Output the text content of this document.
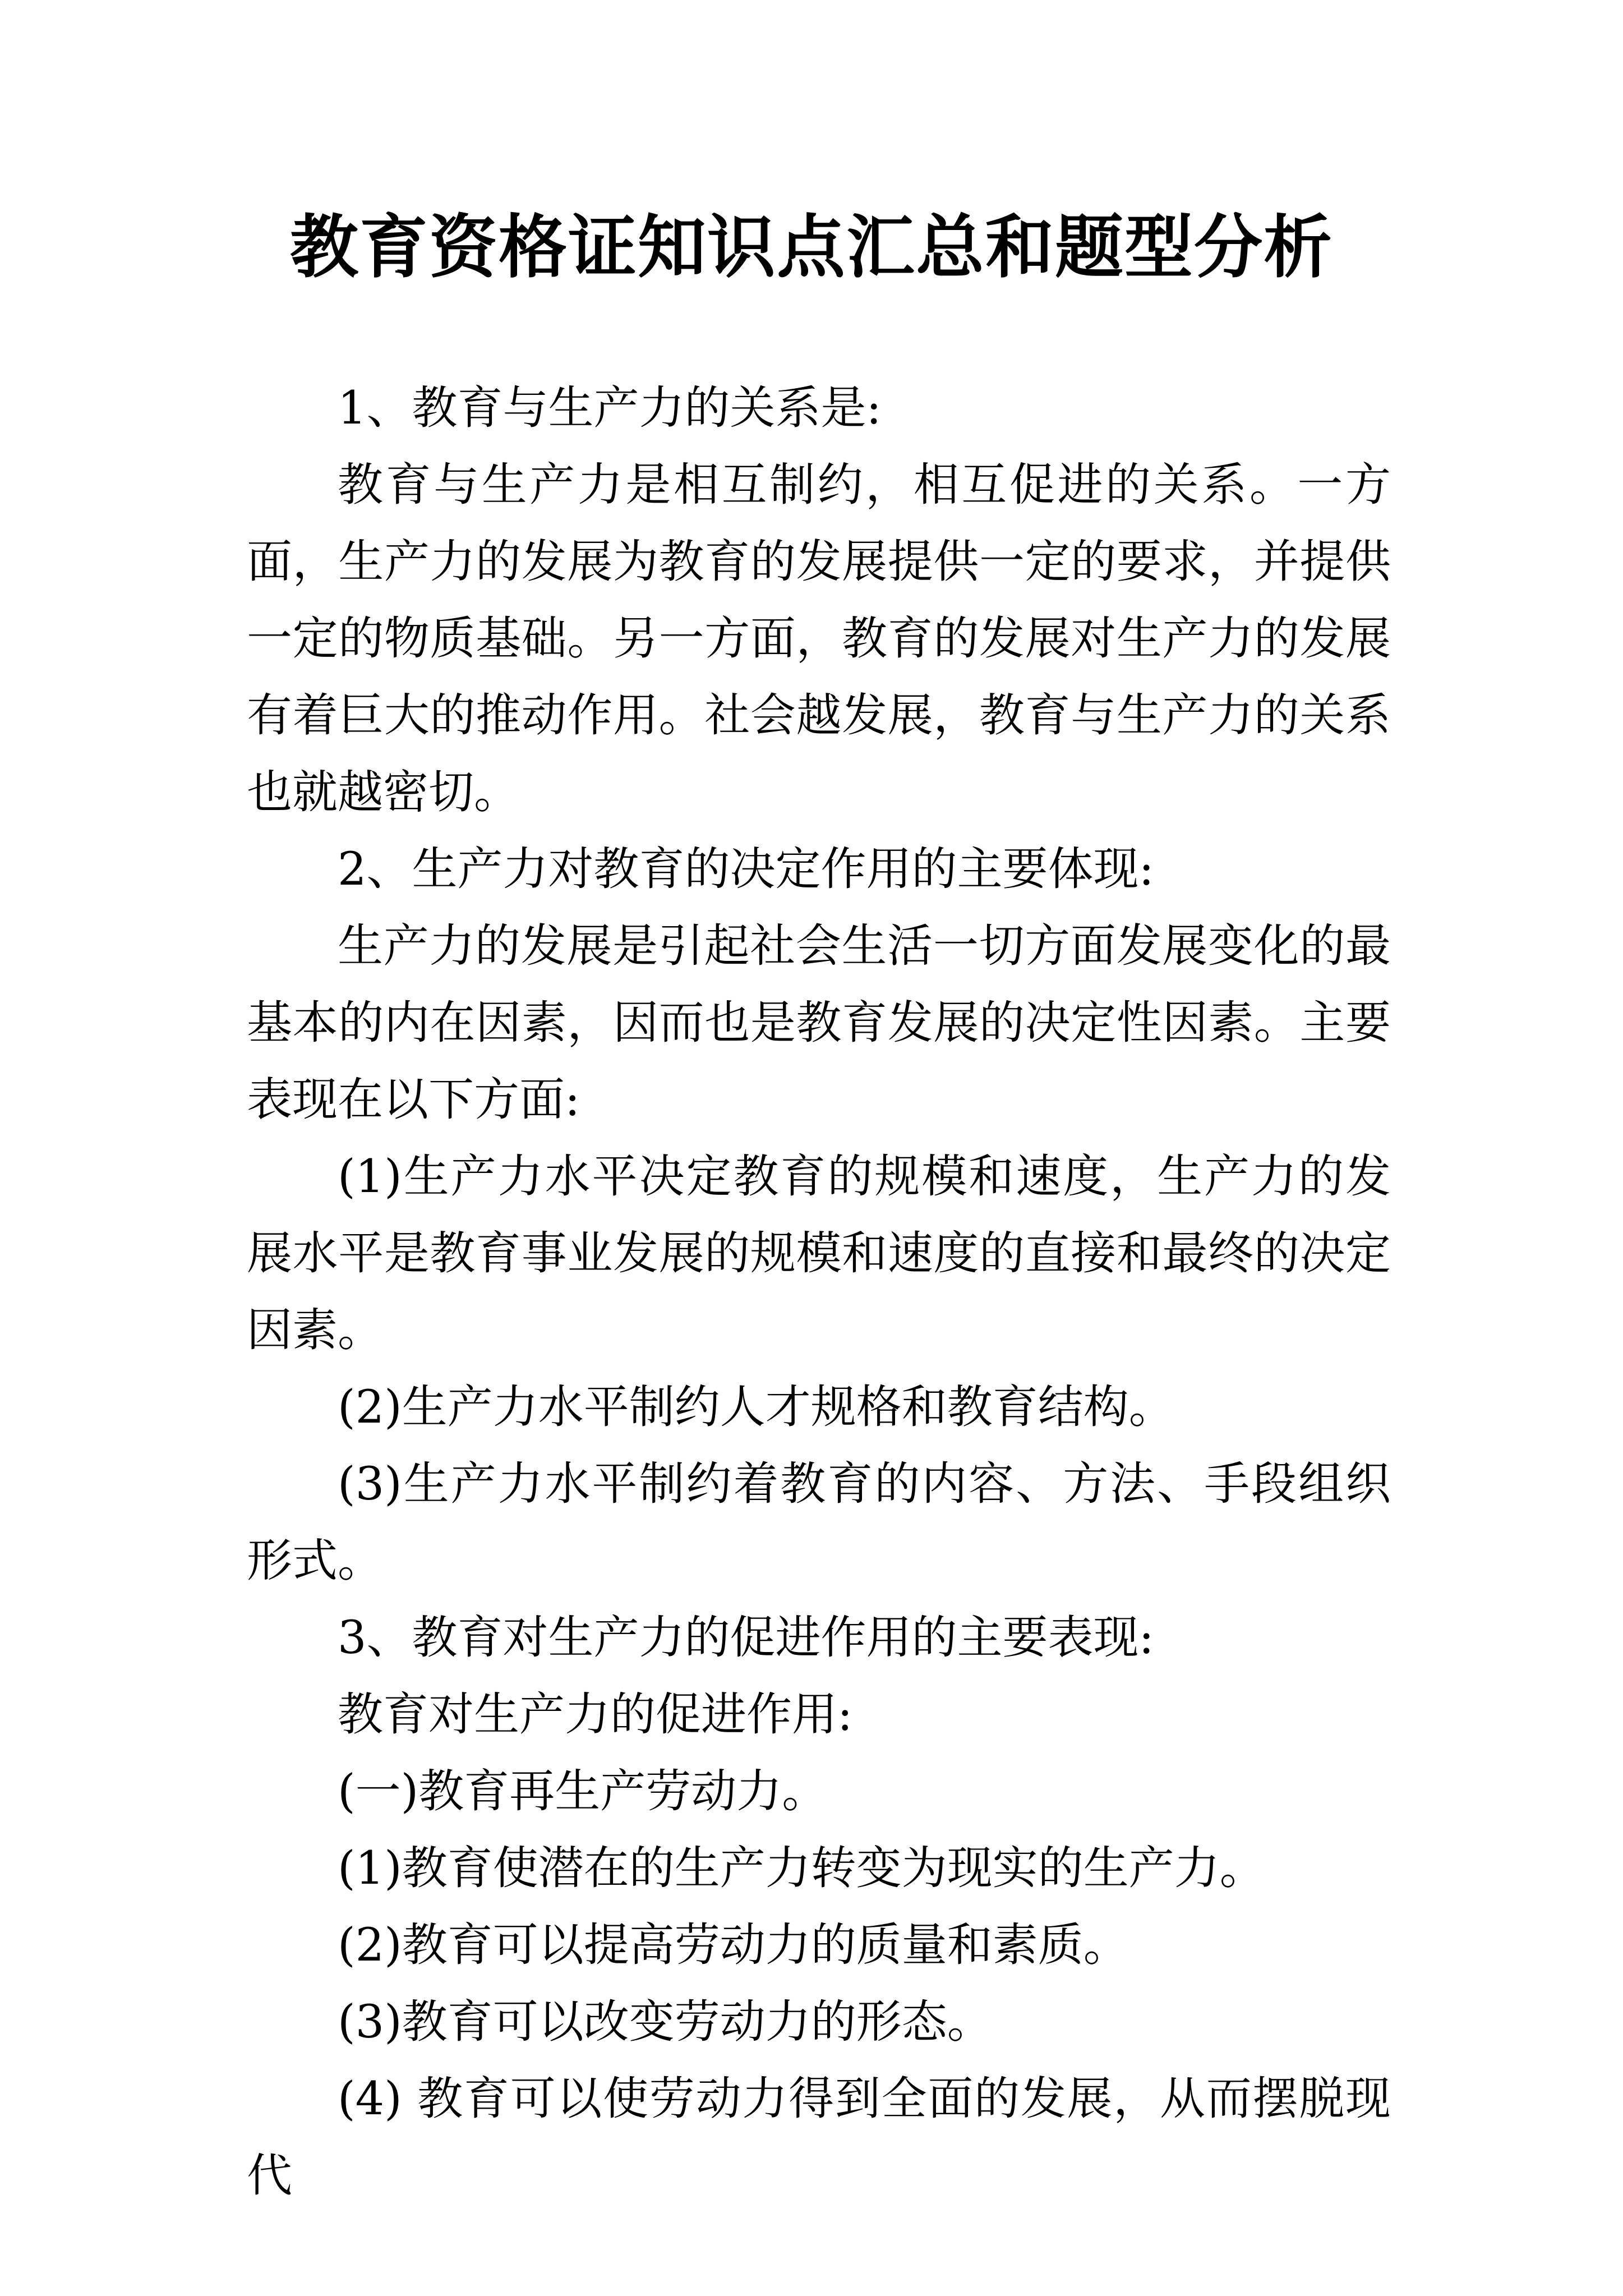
教育资格证知识点汇总和题型分析

1、教育与生产力的关系是:

教育与生产力是相互制约，相互促进的关系。一方面，生产力的发展为教育的发展提供一定的要求，并提供一定的物质基础。另一方面，教育的发展对生产力的发展有着巨大的推动作用。社会越发展，教育与生产力的关系也就越密切。

2、生产力对教育的决定作用的主要体现:

生产力的发展是引起社会生活一切方面发展变化的最基本的内在因素，因而也是教育发展的决定性因素。主要表现在以下方面:

(1)生产力水平决定教育的规模和速度，生产力的发展水平是教育事业发展的规模和速度的直接和最终的决定因素。

(2)生产力水平制约人才规格和教育结构。

(3)生产力水平制约着教育的内容、方法、手段组织形式。

3、教育对生产力的促进作用的主要表现:

教育对生产力的促进作用:

(一)教育再生产劳动力。

(1)教育使潜在的生产力转变为现实的生产力。

(2)教育可以提高劳动力的质量和素质。

(3)教育可以改变劳动力的形态。

(4) 教育可以使劳动力得到全面的发展，从而摆脱现代
